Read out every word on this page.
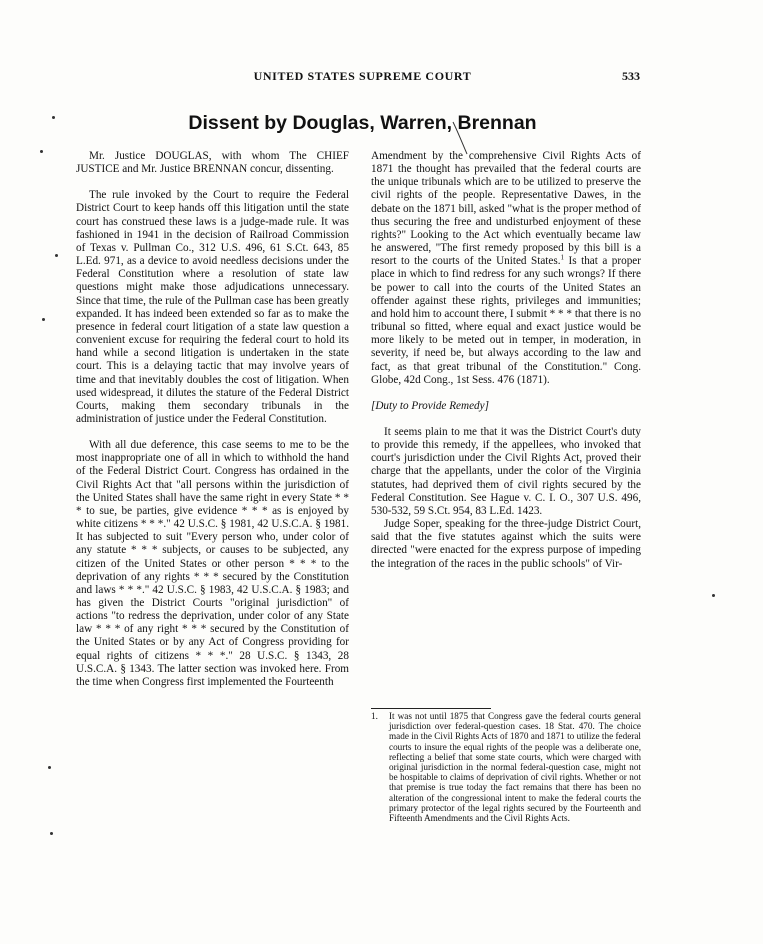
UNITED STATES SUPREME COURT	533
Dissent by Douglas, Warren, Brennan

Mr. Justice DOUGLAS, with whom The CHIEF JUSTICE and Mr. Justice BRENNAN concur, dissenting.

The rule invoked by the Court to require the Federal District Court to keep hands off this litigation until the state court has construed these laws is a judge-made rule. It was fashioned in 1941 in the decision of Railroad Commission of Texas v. Pullman Co., 312 U.S. 496, 61 S.Ct. 643, 85 L.Ed. 971, as a device to avoid needless decisions under the Federal Constitution where a resolution of state law questions might make those adjudications unnecessary. Since that time, the rule of the Pullman case has been greatly expanded. It has indeed been extended so far as to make the presence in federal court litigation of a state law question a convenient excuse for requiring the federal court to hold its hand while a second litigation is undertaken in the state court. This is a delaying tactic that may involve years of time and that inevitably doubles the cost of litigation. When used widespread, it dilutes the stature of the Federal District Courts, making them secondary tribunals in the administration of justice under the Federal Constitution.

With all due deference, this case seems to me to be the most inappropriate one of all in which to withhold the hand of the Federal District Court. Congress has ordained in the Civil Rights Act that "all persons within the jurisdiction of the United States shall have the same right in every State * * * to sue, be parties, give evidence * * * as is enjoyed by white citizens * * *." 42 U.S.C. § 1981, 42 U.S.C.A. § 1981. It has subjected to suit "Every person who, under color of any statute * * * subjects, or causes to be subjected, any citizen of the United States or other person * * * to the deprivation of any rights * * * secured by the Constitution and laws * * *." 42 U.S.C. § 1983, 42 U.S.C.A. § 1983; and has given the District Courts "original jurisdiction" of actions "to redress the deprivation, under color of any State law * * * of any right * * * secured by the Constitution of the United States or by any Act of Congress providing for equal rights of citizens * * *." 28 U.S.C. § 1343, 28 U.S.C.A. § 1343. The latter section was invoked here. From the time when Congress first implemented the Fourteenth

Amendment by the comprehensive Civil Rights Acts of 1871 the thought has prevailed that the federal courts are the unique tribunals which are to be utilized to preserve the civil rights of the people. Representative Dawes, in the debate on the 1871 bill, asked "what is the proper method of thus securing the free and undisturbed enjoyment of these rights?" Looking to the Act which eventually became law he answered, "The first remedy proposed by this bill is a resort to the courts of the United States.$^1$ Is that a proper place in which to find redress for any such wrongs? If there be power to call into the courts of the United States an offender against these rights, privileges and immunities; and hold him to account there, I submit * * * that there is no tribunal so fitted, where equal and exact justice would be more likely to be meted out in temper, in moderation, in severity, if need be, but always according to the law and fact, as that great tribunal of the Constitution." Cong. Globe, 42d Cong., 1st Sess. 476 (1871).

[Duty to Provide Remedy]

It seems plain to me that it was the District Court's duty to provide this remedy, if the appellees, who invoked that court's jurisdiction under the Civil Rights Act, proved their charge that the appellants, under the color of the Virginia statutes, had deprived them of civil rights secured by the Federal Constitution. See Hague v. C. I. O., 307 U.S. 496, 530-532, 59 S.Ct. 954, 83 L.Ed. 1423.

Judge Soper, speaking for the three-judge District Court, said that the five statutes against which the suits were directed "were enacted for the express purpose of impeding the integration of the races in the public schools" of Vir-

1. It was not until 1875 that Congress gave the federal courts general jurisdiction over federal-question cases. 18 Stat. 470. The choice made in the Civil Rights Acts of 1870 and 1871 to utilize the federal courts to insure the equal rights of the people was a deliberate one, reflecting a belief that some state courts, which were charged with original jurisdiction in the normal federal-question case, might not be hospitable to claims of deprivation of civil rights. Whether or not that premise is true today the fact remains that there has been no alteration of the congressional intent to make the federal courts the primary protector of the legal rights secured by the Fourteenth and Fifteenth Amendments and the Civil Rights Acts.
